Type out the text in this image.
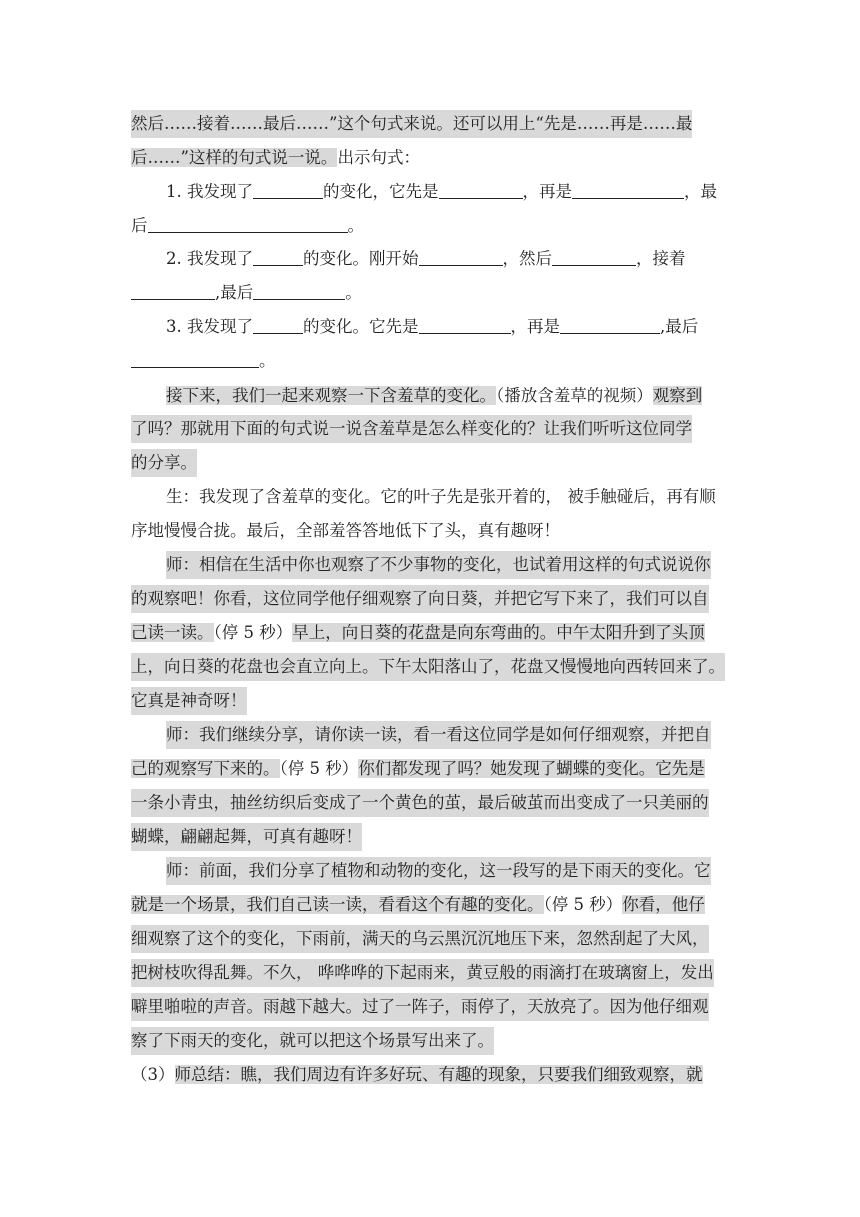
然后……接着……最后……”这个句式来说。还可以用上“先是……再是……最
后……”这样的句式说一说。出示句式：
1. 我发现了	的变化，它先是	，再是	，最
后	。
2. 我发现了	的变化。刚开始	，然后	，接着
,最后	。
3. 我发现了	的变化。它先是	，再是	,最后
。
接下来，我们一起来观察一下含羞草的变化。（播放含羞草的视频）观察到
了吗？那就用下面的句式说一说含羞草是怎么样变化的？让我们听听这位同学
的分享。
生：我发现了含羞草的变化。它的叶子先是张开着的， 被手触碰后，再有顺
序地慢慢合拢。最后，全部羞答答地低下了头，真有趣呀！
师：相信在生活中你也观察了不少事物的变化，也试着用这样的句式说说你
的观察吧！你看，这位同学他仔细观察了向日葵，并把它写下来了，我们可以自
己读一读。（停 5 秒）早上，向日葵的花盘是向东弯曲的。中午太阳升到了头顶
上，向日葵的花盘也会直立向上。下午太阳落山了，花盘又慢慢地向西转回来了。
它真是神奇呀！
师：我们继续分享，请你读一读，看一看这位同学是如何仔细观察，并把自
己的观察写下来的。（停 5 秒）你们都发现了吗？她发现了蝴蝶的变化。它先是
一条小青虫，抽丝纺织后变成了一个黄色的茧，最后破茧而出变成了一只美丽的
蝴蝶，翩翩起舞，可真有趣呀！
师：前面，我们分享了植物和动物的变化，这一段写的是下雨天的变化。它
就是一个场景，我们自己读一读，看看这个有趣的变化。（停 5 秒）你看，他仔
细观察了这个的变化，下雨前，满天的乌云黑沉沉地压下来，忽然刮起了大风，
把树枝吹得乱舞。不久， 哗哗哗的下起雨来，黄豆般的雨滴打在玻璃窗上，发出
噼里啪啦的声音。雨越下越大。过了一阵子，雨停了，天放亮了。因为他仔细观
察了下雨天的变化，就可以把这个场景写出来了。
（3）师总结：瞧，我们周边有许多好玩、有趣的现象，只要我们细致观察，就
